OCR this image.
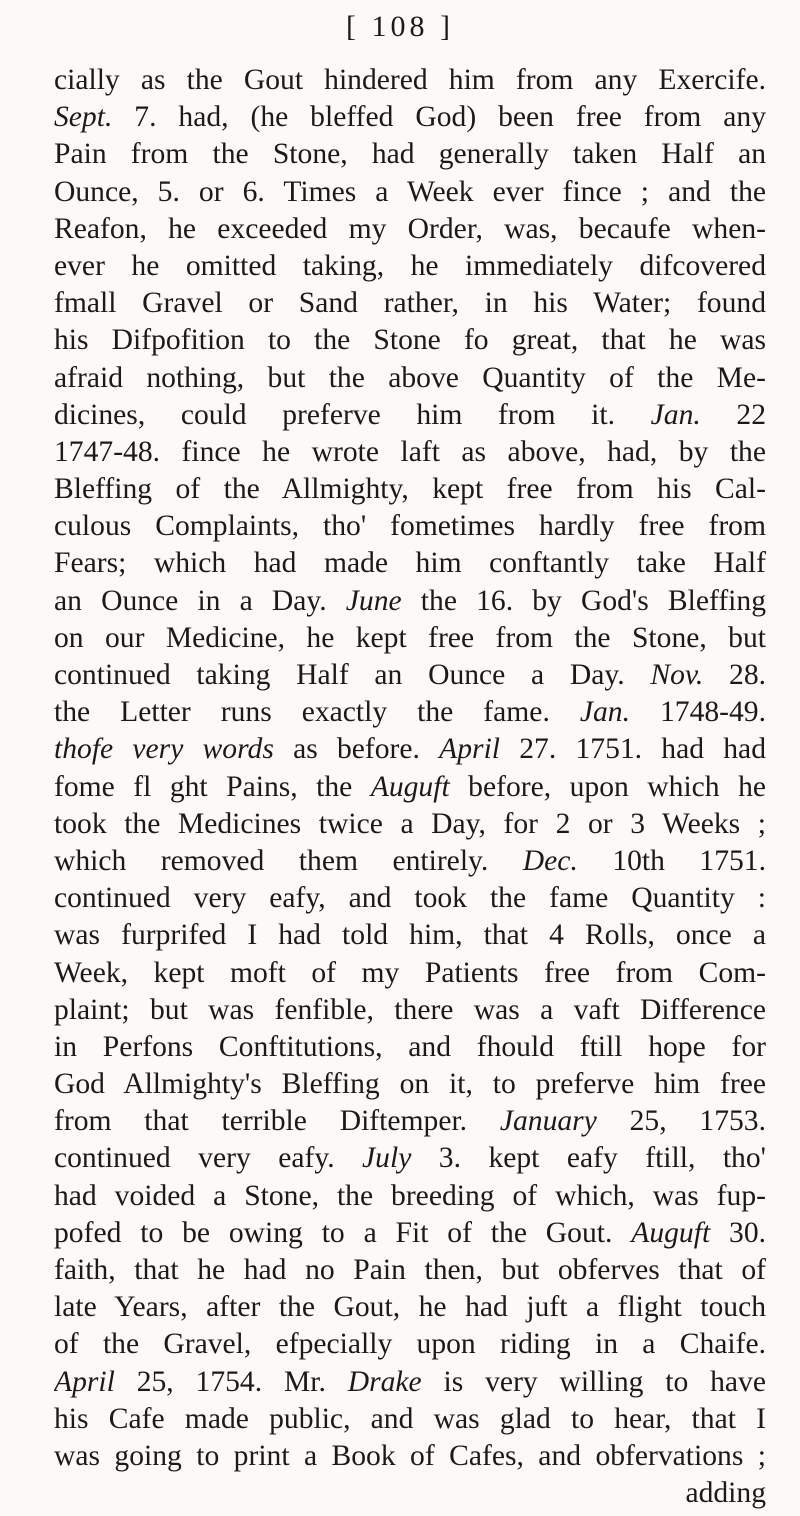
[ 108 ]
cially as the Gout hindered him from any Exercife.
Sept. 7. had, (he bleffed God) been free from any
Pain from the Stone, had generally taken Half an
Ounce, 5. or 6. Times a Week ever fince ; and the
Reafon, he exceeded my Order, was, becaufe when-
ever he omitted taking, he immediately difcovered
fmall Gravel or Sand rather, in his Water; found
his Difpofition to the Stone fo great, that he was
afraid nothing, but the above Quantity of the Me-
dicines, could preferve him from it. Jan. 22
1747-48. fince he wrote laft as above, had, by the
Bleffing of the Allmighty, kept free from his Cal-
culous Complaints, tho' fometimes hardly free from
Fears; which had made him conftantly take Half
an Ounce in a Day. June the 16. by God's Bleffing
on our Medicine, he kept free from the Stone, but
continued taking Half an Ounce a Day. Nov. 28.
the Letter runs exactly the fame. Jan. 1748-49.
thofe very words as before. April 27. 1751. had had
fome fl ght Pains, the Auguft before, upon which he
took the Medicines twice a Day, for 2 or 3 Weeks ;
which removed them entirely. Dec. 10th 1751.
continued very eafy, and took the fame Quantity :
was furprifed I had told him, that 4 Rolls, once a
Week, kept moft of my Patients free from Com-
plaint; but was fenfible, there was a vaft Difference
in Perfons Conftitutions, and fhould ftill hope for
God Allmighty's Bleffing on it, to preferve him free
from that terrible Diftemper. January 25, 1753.
continued very eafy. July 3. kept eafy ftill, tho'
had voided a Stone, the breeding of which, was fup-
pofed to be owing to a Fit of the Gout. Auguft 30.
faith, that he had no Pain then, but obferves that of
late Years, after the Gout, he had juft a flight touch
of the Gravel, efpecially upon riding in a Chaife.
April 25, 1754. Mr. Drake is very willing to have
his Cafe made public, and was glad to hear, that I
was going to print a Book of Cafes, and obfervations ;
adding
